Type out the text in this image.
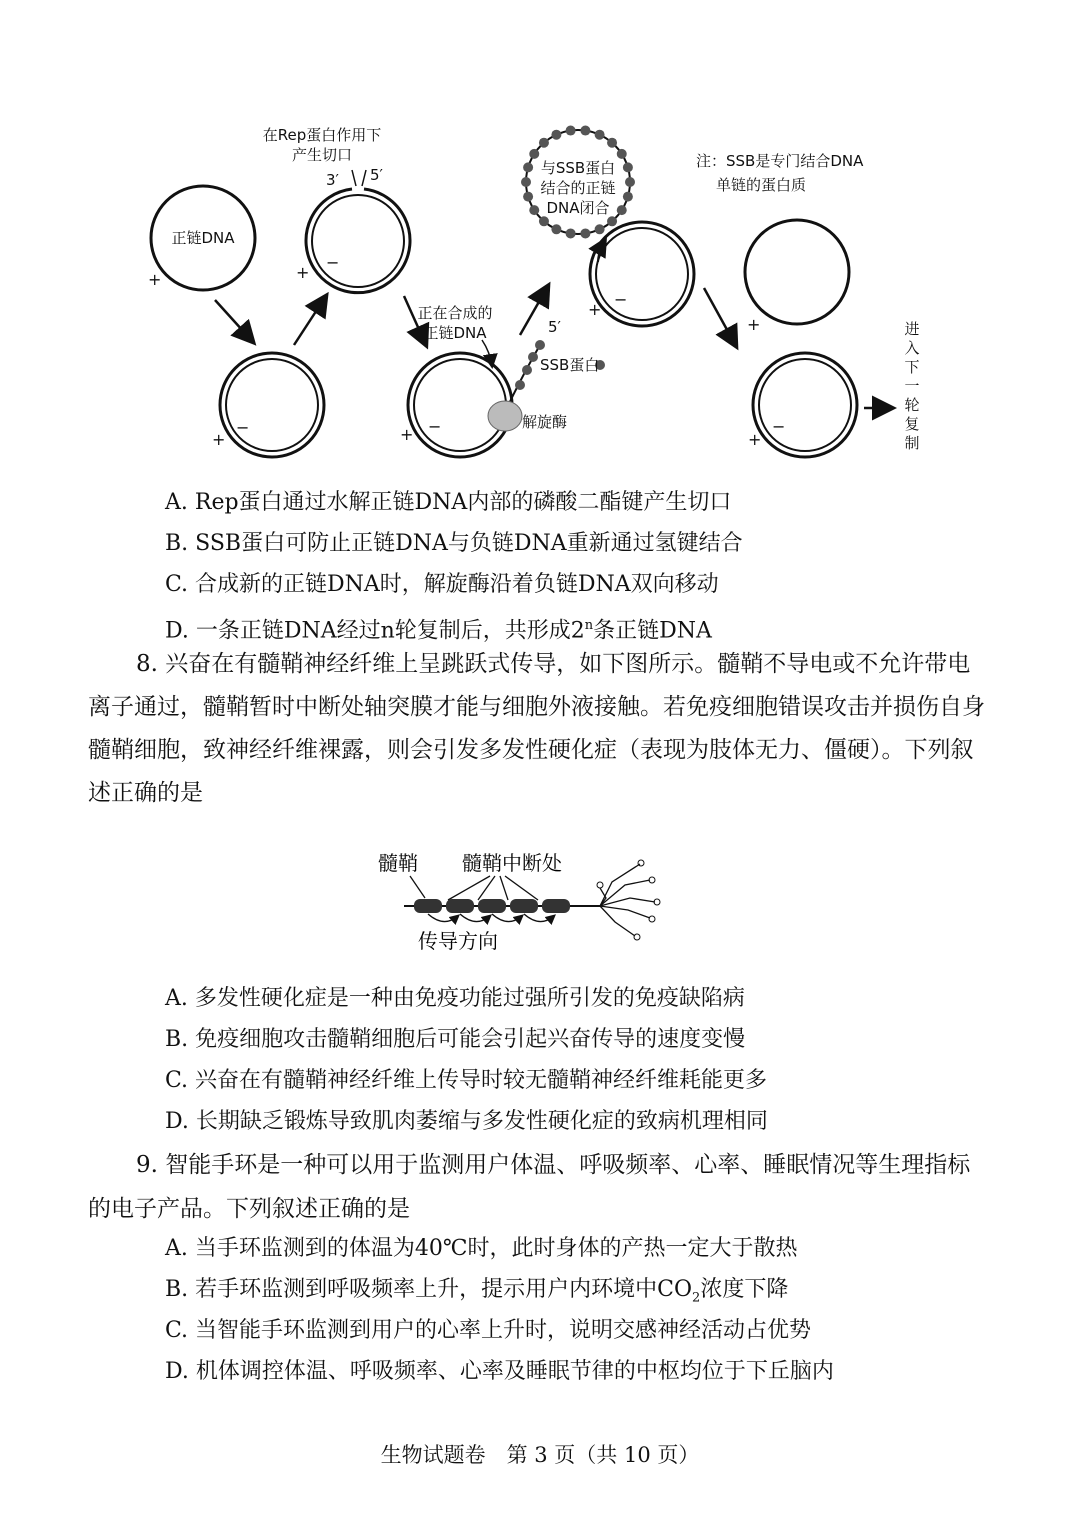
正链DNA
+
+
−
在Rep蛋白作用下
产生切口
3′ 5′
+
−
正在合成的
正链DNA	5′
SSB蛋白
解旋酶
+ −
与SSB蛋白
结合的正链
DNA闭合
+
−
注：SSB是专门结合DNA
单链的蛋白质
+
+
−
进
入
下
一
轮
复
制
A. Rep蛋白通过水解正链DNA内部的磷酸二酯键产生切口
B. SSB蛋白可防止正链DNA与负链DNA重新通过氢键结合
C. 合成新的正链DNA时，解旋酶沿着负链DNA双向移动
D. 一条正链DNA经过n轮复制后，共形成2$^n$条正链DNA
8. 兴奋在有髓鞘神经纤维上呈跳跃式传导，如下图所示。髓鞘不导电或不允许带电离子通过，髓鞘暂时中断处轴突膜才能与细胞外液接触。若免疫细胞错误攻击并损伤自身髓鞘细胞，致神经纤维裸露，则会引发多发性硬化症（表现为肢体无力、僵硬）。下列叙述正确的是
髓鞘 髓鞘中断处
传导方向
A. 多发性硬化症是一种由免疫功能过强所引发的免疫缺陷病
B. 免疫细胞攻击髓鞘细胞后可能会引起兴奋传导的速度变慢
C. 兴奋在有髓鞘神经纤维上传导时较无髓鞘神经纤维耗能更多
D. 长期缺乏锻炼导致肌肉萎缩与多发性硬化症的致病机理相同
9. 智能手环是一种可以用于监测用户体温、呼吸频率、心率、睡眠情况等生理指标的电子产品。下列叙述正确的是
A. 当手环监测到的体温为40℃时，此时身体的产热一定大于散热
B. 若手环监测到呼吸频率上升，提示用户内环境中$CO_2$浓度下降
C. 当智能手环监测到用户的心率上升时，说明交感神经活动占优势
D. 机体调控体温、呼吸频率、心率及睡眠节律的中枢均位于下丘脑内
生物试题卷　第 3 页（共 10 页）
